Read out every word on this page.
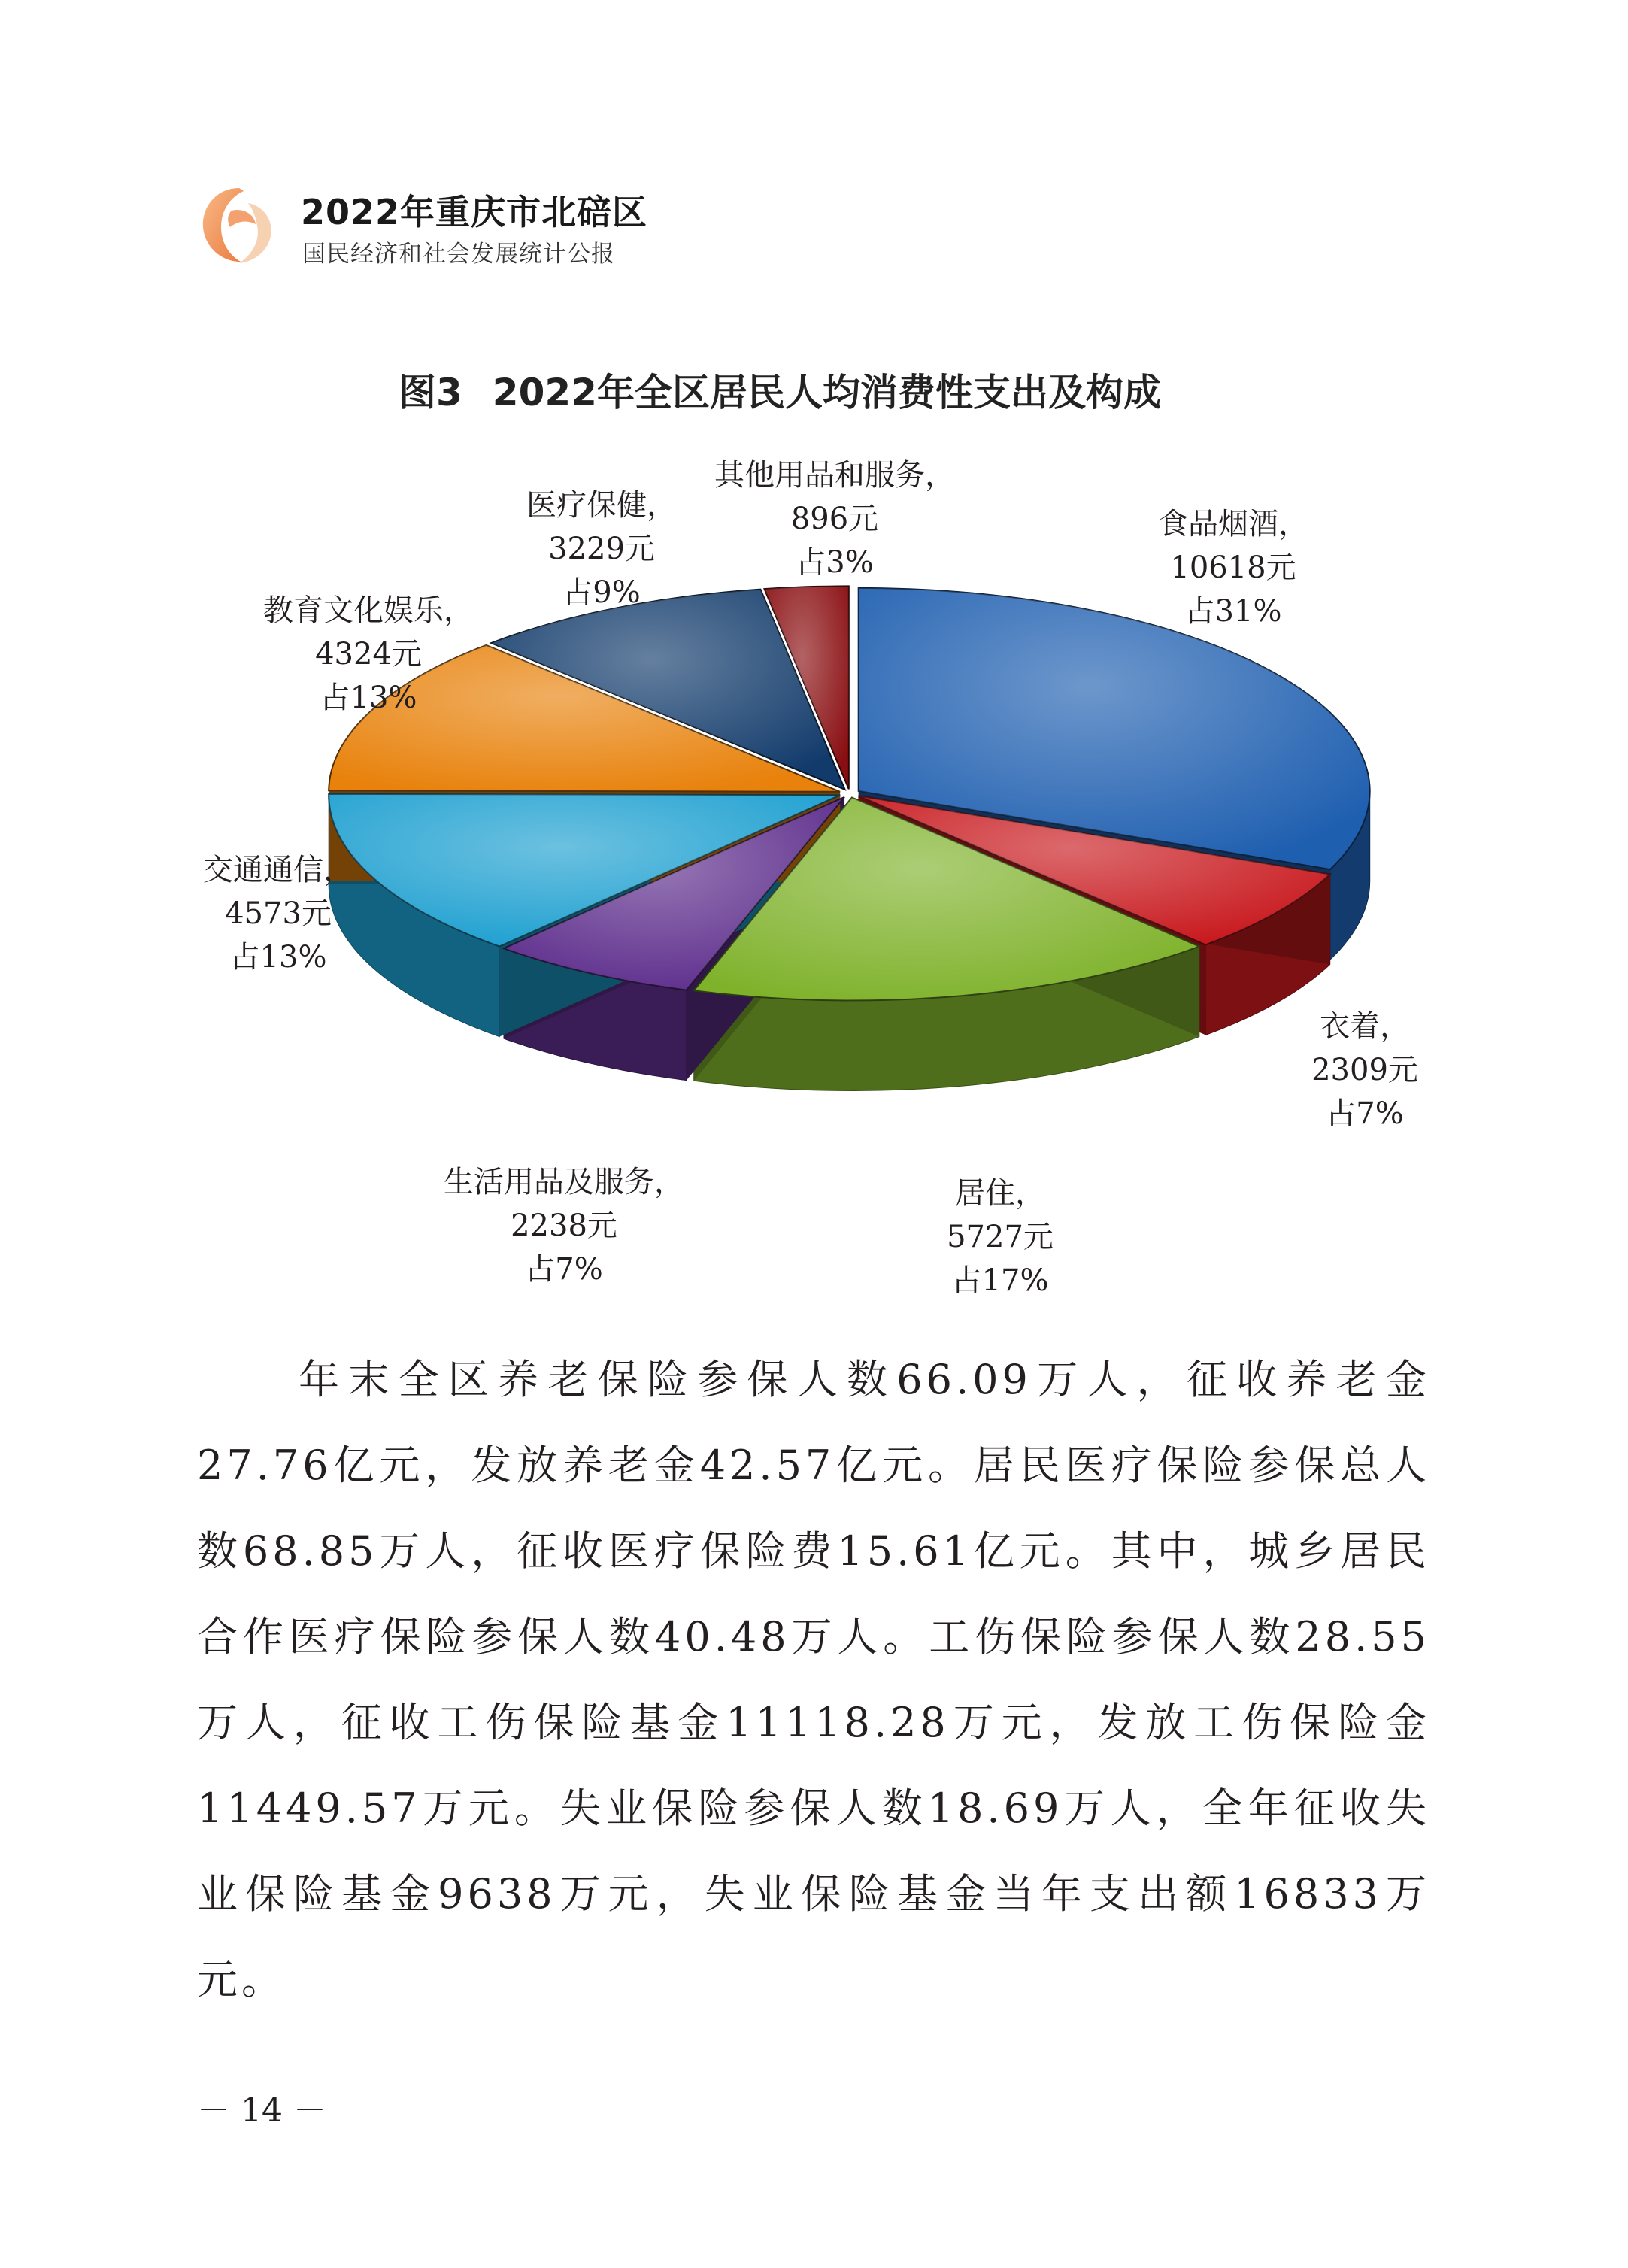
2022年重庆市北碚区
国民经济和社会发展统计公报
图3 2022年全区居民人均消费性支出及构成
食品烟酒，
10618元
占31%
衣着，
2309元
占7%
居住，
5727元
占17%
生活用品及服务，
2238元
占7%
交通通信，
4573元
占13%
教育文化娱乐，
4324元
占13%
医疗保健，
3229元
占9%
其他用品和服务，
896元
占3%

年末全区养老保险参保人数66.09万人，征收养老金27.76亿元，发放养老金42.57亿元。居民医疗保险参保总人数68.85万人，征收医疗保险费15.61亿元。其中，城乡居民合作医疗保险参保人数40.48万人。工伤保险参保人数28.55万人，征收工伤保险基金11118.28万元，发放工伤保险金11449.57万元。失业保险参保人数18.69万人，全年征收失业保险基金9638万元，失业保险基金当年支出额16833万元。

－ 14 －
